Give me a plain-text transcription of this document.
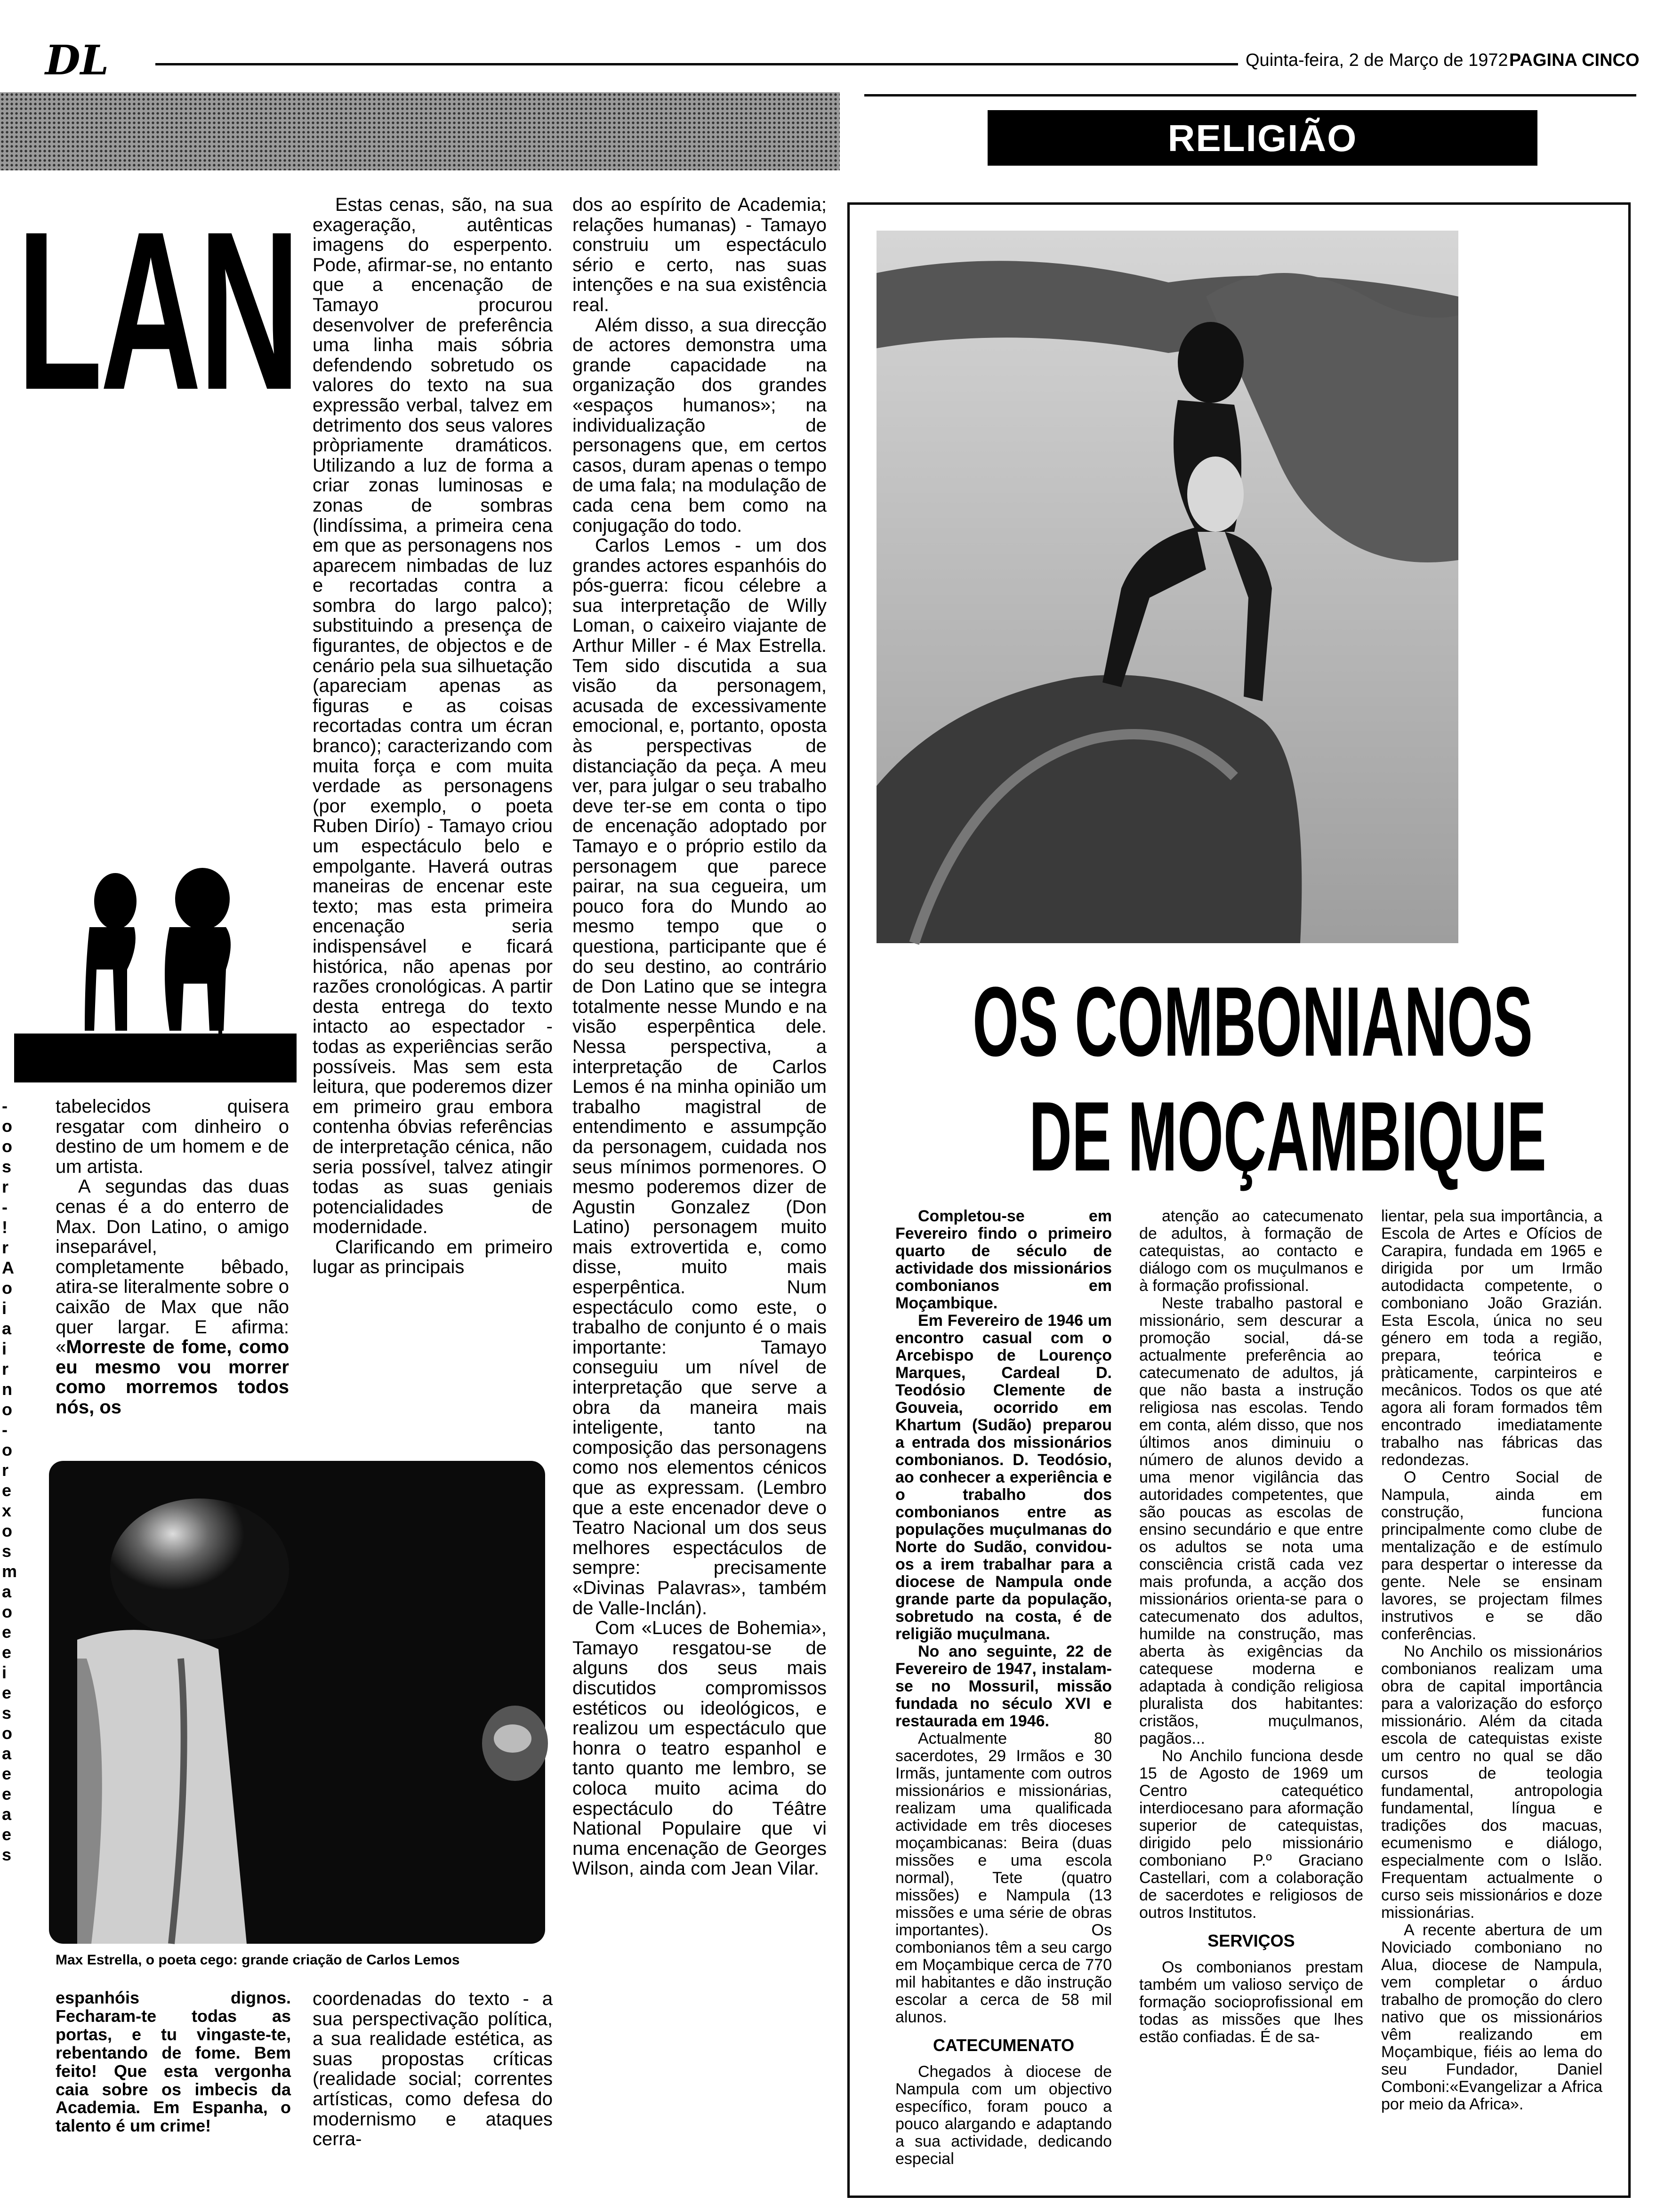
DL	Quinta-feira, 2 de Março de 1972 PAGINA CINCO
-
o
o
s
r
-
!
r
A
o
i
a
i
r
n
o
-
o
r
e
x
o
s
m
a
o
e
e
i
e
s
o
a
e
e
a
e
s
LAN

tabelecidos quisera resgatar com dinheiro o destino de um homem e de um artista.

A segundas das duas cenas é a do enterro de Max. Don Latino, o amigo inseparável, completamente bêbado, atira-se literalmente sobre o caixão de Max que não quer largar. E afirma: «Morreste de fome, como eu mesmo vou morrer como morremos todos nós, os

Max Estrella, o poeta cego: grande criação de Carlos Lemos
espanhóis dignos. Fecharam-te todas as portas, e tu vingaste-te, rebentando de fome. Bem feito! Que esta vergonha caia sobre os imbecis da Academia. Em Espanha, o talento é um crime!

Estas cenas, são, na sua exageração, autênticas imagens do esperpento. Pode, afirmar-se, no entanto que a encenação de Tamayo procurou desenvolver de preferência uma linha mais sóbria defendendo sobretudo os valores do texto na sua expressão verbal, talvez em detrimento dos seus valores pròpriamente dramáticos. Utilizando a luz de forma a criar zonas luminosas e zonas de sombras (lindíssima, a primeira cena em que as personagens nos aparecem nimbadas de luz e recortadas contra a sombra do largo palco); substituindo a presença de figurantes, de objectos e de cenário pela sua silhuetação (apareciam apenas as figuras e as coisas recortadas contra um écran branco); caracterizando com muita força e com muita verdade as personagens (por exemplo, o poeta Ruben Dirío) - Tamayo criou um espectáculo belo e empolgante. Haverá outras maneiras de encenar este texto; mas esta primeira encenação seria indispensável e ficará histórica, não apenas por razões cronológicas. A partir desta entrega do texto intacto ao espectador - todas as experiências serão possíveis. Mas sem esta leitura, que poderemos dizer em primeiro grau embora contenha óbvias referências de interpretação cénica, não seria possível, talvez atingir todas as suas geniais potencialidades de modernidade.

Clarificando em primeiro lugar as principais

coordenadas do texto - a sua perspectivação política, a sua realidade estética, as suas propostas críticas (realidade social; correntes artísticas, como defesa do modernismo e ataques cerra-

dos ao espírito de Academia; relações humanas) - Tamayo construiu um espectáculo sério e certo, nas suas intenções e na sua existência real.

Além disso, a sua direcção de actores demonstra uma grande capacidade na organização dos grandes «espaços humanos»; na individualização de personagens que, em certos casos, duram apenas o tempo de uma fala; na modulação de cada cena bem como na conjugação do todo.

Carlos Lemos - um dos grandes actores espanhóis do pós-guerra: ficou célebre a sua interpretação de Willy Loman, o caixeiro viajante de Arthur Miller - é Max Estrella. Tem sido discutida a sua visão da personagem, acusada de excessivamente emocional, e, portanto, oposta às perspectivas de distanciação da peça. A meu ver, para julgar o seu trabalho deve ter-se em conta o tipo de encenação adoptado por Tamayo e o próprio estilo da personagem que parece pairar, na sua cegueira, um pouco fora do Mundo ao mesmo tempo que o questiona, participante que é do seu destino, ao contrário de Don Latino que se integra totalmente nesse Mundo e na visão esperpêntica dele. Nessa perspectiva, a interpretação de Carlos Lemos é na minha opinião um trabalho magistral de entendimento e assumpção da personagem, cuidada nos seus mínimos pormenores. O mesmo poderemos dizer de Agustin Gonzalez (Don Latino) personagem muito mais extrovertida e, como disse, muito mais esperpêntica. Num espectáculo como este, o trabalho de conjunto é o mais importante: Tamayo conseguiu um nível de interpretação que serve a obra da maneira mais inteligente, tanto na composição das personagens como nos elementos cénicos que as expressam. (Lembro que a este encenador deve o Teatro Nacional um dos seus melhores espectáculos de sempre: precisamente «Divinas Palavras», também de Valle-Inclán).

Com «Luces de Bohemia», Tamayo resgatou-se de alguns dos seus mais discutidos compromissos estéticos ou ideológicos, e realizou um espectáculo que honra o teatro espanhol e tanto quanto me lembro, se coloca muito acima do espectáculo do Téâtre National Populaire que vi numa encenação de Georges Wilson, ainda com Jean Vilar.

RELIGIÃO
OS COMBONIANOS
DE MOÇAMBIQUE

Completou-se em Fevereiro findo o primeiro quarto de século de actividade dos missionários combonianos em Moçambique.

Em Fevereiro de 1946 um encontro casual com o Arcebispo de Lourenço Marques, Cardeal D. Teodósio Clemente de Gouveia, ocorrido em Khartum (Sudão) preparou a entrada dos missionários combonianos. D. Teodósio, ao conhecer a experiência e o trabalho dos combonianos entre as populações muçulmanas do Norte do Sudão, convidou-os a irem trabalhar para a diocese de Nampula onde grande parte da população, sobretudo na costa, é de religião muçulmana.

No ano seguinte, 22 de Fevereiro de 1947, instalam-se no Mossuril, missão fundada no século XVI e restaurada em 1946.

Actualmente 80 sacerdotes, 29 Irmãos e 30 Irmãs, juntamente com outros missionários e missionárias, realizam uma qualificada actividade em três dioceses moçambicanas: Beira (duas missões e uma escola normal), Tete (quatro missões) e Nampula (13 missões e uma série de obras importantes). Os combonianos têm a seu cargo em Moçambique cerca de 770 mil habitantes e dão instrução escolar a cerca de 58 mil alunos.

CATECUMENATO

Chegados à diocese de Nampula com um objectivo específico, foram pouco a pouco alargando e adaptando a sua actividade, dedicando especial

atenção ao catecumenato de adultos, à formação de catequistas, ao contacto e diálogo com os muçulmanos e à formação profissional.

Neste trabalho pastoral e missionário, sem descurar a promoção social, dá-se actualmente preferência ao catecumenato de adultos, já que não basta a instrução religiosa nas escolas. Tendo em conta, além disso, que nos últimos anos diminuiu o número de alunos devido a uma menor vigilância das autoridades competentes, que são poucas as escolas de ensino secundário e que entre os adultos se nota uma consciência cristã cada vez mais profunda, a acção dos missionários orienta-se para o catecumenato dos adultos, humilde na construção, mas aberta às exigências da catequese moderna e adaptada à condição religiosa pluralista dos habitantes: cristãos, muçulmanos, pagãos...

No Anchilo funciona desde 15 de Agosto de 1969 um Centro catequético interdiocesano para aformação superior de catequistas, dirigido pelo missionário comboniano P.º Graciano Castellari, com a colaboração de sacerdotes e religiosos de outros Institutos.

SERVIÇOS

Os combonianos prestam também um valioso serviço de formação socioprofissional em todas as missões que lhes estão confiadas. É de sa-

lientar, pela sua importância, a Escola de Artes e Ofícios de Carapira, fundada em 1965 e dirigida por um Irmão autodidacta competente, o comboniano João Grazián. Esta Escola, única no seu género em toda a região, prepara, teórica e pràticamente, carpinteiros e mecânicos. Todos os que até agora ali foram formados têm encontrado imediatamente trabalho nas fábricas das redondezas.

O Centro Social de Nampula, ainda em construção, funciona principalmente como clube de mentalização e de estímulo para despertar o interesse da gente. Nele se ensinam lavores, se projectam filmes instrutivos e se dão conferências.

No Anchilo os missionários combonianos realizam uma obra de capital importância para a valorização do esforço missionário. Além da citada escola de catequistas existe um centro no qual se dão cursos de teologia fundamental, antropologia fundamental, língua e tradições dos macuas, ecumenismo e diálogo, especialmente com o Islão. Frequentam actualmente o curso seis missionários e doze missionárias.

A recente abertura de um Noviciado comboniano no Alua, diocese de Nampula, vem completar o árduo trabalho de promoção do clero nativo que os missionários vêm realizando em Moçambique, fiéis ao lema do seu Fundador, Daniel Comboni:«Evangelizar a Africa por meio da Africa».
